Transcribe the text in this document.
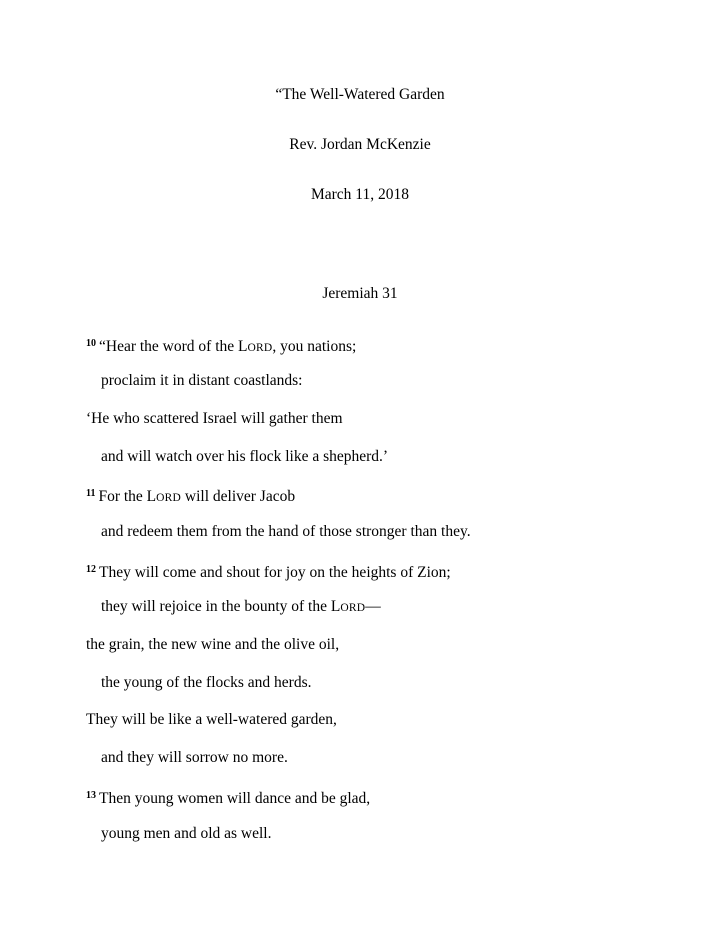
“The Well-Watered Garden

Rev. Jordan McKenzie

March 11, 2018

Jeremiah 31

$^{10}$ “Hear the word of the LORD, you nations;

proclaim it in distant coastlands:

‘He who scattered Israel will gather them

and will watch over his flock like a shepherd.’

$^{11}$ For the LORD will deliver Jacob

and redeem them from the hand of those stronger than they.

$^{12}$ They will come and shout for joy on the heights of Zion;

they will rejoice in the bounty of the LORD—

the grain, the new wine and the olive oil,

the young of the flocks and herds.

They will be like a well-watered garden,

and they will sorrow no more.

$^{13}$ Then young women will dance and be glad,

young men and old as well.
